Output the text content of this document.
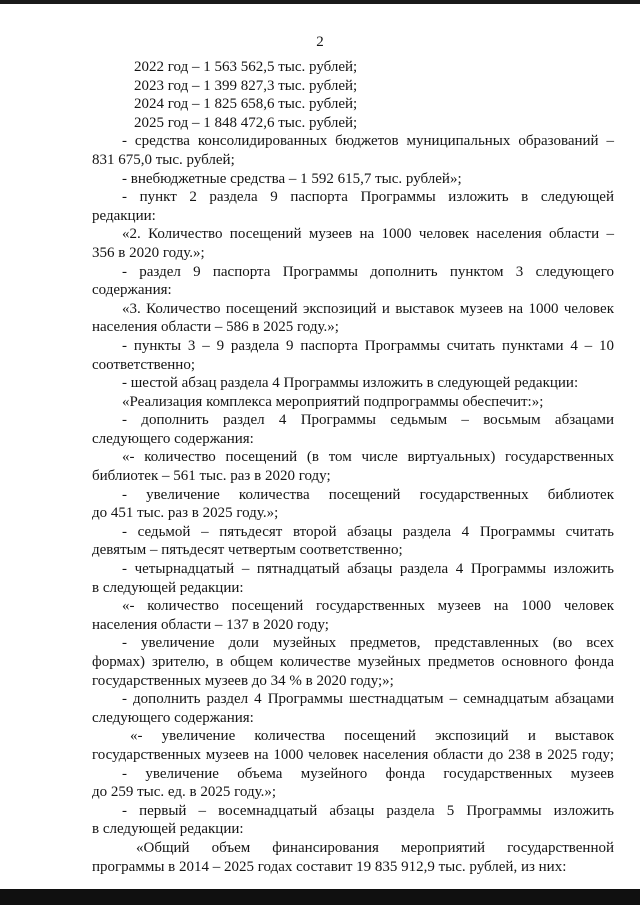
2
2022 год – 1 563 562,5 тыс. рублей;
2023 год – 1 399 827,3 тыс. рублей;
2024 год – 1 825 658,6 тыс. рублей;
2025 год – 1 848 472,6 тыс. рублей;
- средства консолидированных бюджетов муниципальных образований –
831 675,0 тыс. рублей;
- внебюджетные средства – 1 592 615,7 тыс. рублей»;
- пункт 2 раздела 9 паспорта Программы изложить в следующей
редакции:
«2. Количество посещений музеев на 1000 человек населения области –
356 в 2020 году.»;
- раздел 9 паспорта Программы дополнить пунктом 3 следующего
содержания:
«3. Количество посещений экспозиций и выставок музеев на 1000 человек
населения области – 586 в 2025 году.»;
- пункты 3 – 9 раздела 9 паспорта Программы считать пунктами 4 – 10
соответственно;
- шестой абзац раздела 4 Программы изложить в следующей редакции:
«Реализация комплекса мероприятий подпрограммы обеспечит:»;
- дополнить раздел 4 Программы седьмым – восьмым абзацами
следующего содержания:
«- количество посещений (в том числе виртуальных) государственных
библиотек – 561 тыс. раз в 2020 году;
- увеличение количества посещений государственных библиотек
до 451 тыс. раз в 2025 году.»;
- седьмой – пятьдесят второй абзацы раздела 4 Программы считать
девятым – пятьдесят четвертым соответственно;
- четырнадцатый – пятнадцатый абзацы раздела 4 Программы изложить
в следующей редакции:
«- количество посещений государственных музеев на 1000 человек
населения области – 137 в 2020 году;
- увеличение доли музейных предметов, представленных (во всех
формах) зрителю, в общем количестве музейных предметов основного фонда
государственных музеев до 34 % в 2020 году;»;
- дополнить раздел 4 Программы шестнадцатым – семнадцатым абзацами
следующего содержания:
«- увеличение количества посещений экспозиций и выставок
государственных музеев на 1000 человек населения области до 238 в 2025 году;
- увеличение объема музейного фонда государственных музеев
до 259 тыс. ед. в 2025 году.»;
- первый – восемнадцатый абзацы раздела 5 Программы изложить
в следующей редакции:
«Общий объем финансирования мероприятий государственной
программы в 2014 – 2025 годах составит 19 835 912,9 тыс. рублей, из них:
